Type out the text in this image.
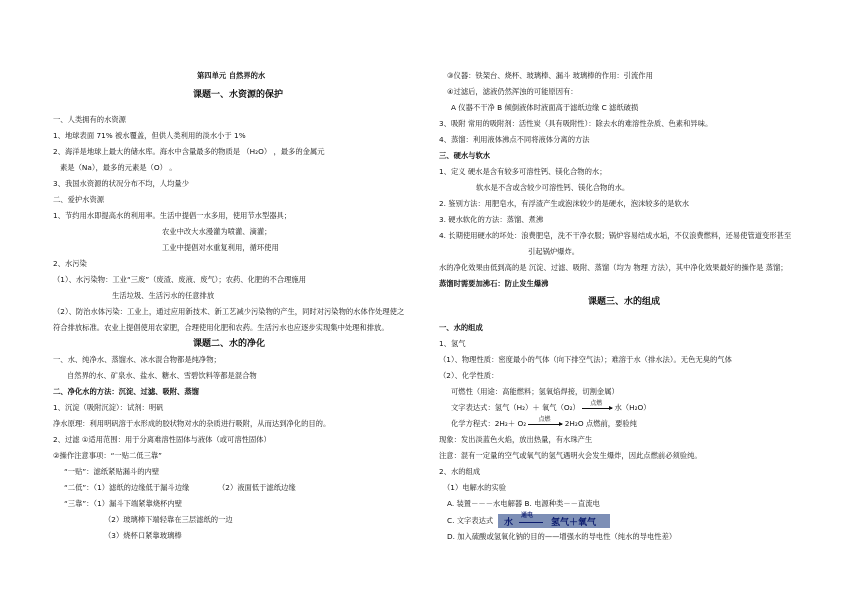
第四单元 自然界的水
课题一、水资源的保护
一、人类拥有的水资源
1、地球表面 71% 被水覆盖，但供人类利用的淡水小于 1%
2、海洋是地球上最大的储水库。海水中含量最多的物质是 （H₂O） ，最多的金属元
素是（Na），最多的元素是（O） 。
3、我国水资源的状况分布不均，人均量少
二、爱护水资源
1、节约用水即提高水的利用率。生活中提倡一水多用，使用节水型器具；
农业中改大水漫灌为喷灌、滴灌；
工业中提倡对水重复利用，循环使用
2、水污染
（1）、水污染物：工业“三废”（废渣、废液、废气）；农药、化肥的不合理施用
生活垃圾、生活污水的任意排放
（2）、防治水体污染：工业上，通过应用新技术、新工艺减少污染物的产生，同时对污染物的水体作处理使之
符合排放标准。农业上提倡使用农家肥，合理使用化肥和农药。生活污水也应逐步实现集中处理和排放。
课题二、水的净化
一、水、纯净水、蒸馏水、冰水混合物都是纯净物；
自然界的水、矿泉水、盐水、糖水、雪碧饮料等都是混合物
二、净化水的方法：沉淀、过滤、吸附、蒸馏
1、沉淀（吸附沉淀）：试剂：明矾
净水原理：利用明矾溶于水形成的胶状物对水的杂质进行吸附，从而达到净化的目的。
2、过滤 ①适用范围：用于分离难溶性固体与液体（或可溶性固体）
②操作注意事项：“一贴二低三靠”
“一贴”：滤纸紧贴漏斗的内壁
“二低”：（1）滤纸的边缘低于漏斗边缘	（2）液面低于滤纸边缘
“三靠”：（1）漏斗下端紧靠烧杯内壁
（2）玻璃棒下端轻靠在三层滤纸的一边
（3）烧杯口紧靠玻璃棒
③仪器：铁架台、烧杯、玻璃棒、漏斗 玻璃棒的作用：引流作用
④过滤后，滤液仍然浑浊的可能原因有：
A 仪器不干净 B 倾倒液体时液面高于滤纸边缘 C 滤纸破损
3、吸附 常用的吸附剂：活性炭（具有吸附性）：除去水的难溶性杂质、色素和异味。
4、蒸馏：利用液体沸点不同将液体分离的方法
三、硬水与软水
1、定义 硬水是含有较多可溶性钙、镁化合物的水；
软水是不含或含较少可溶性钙、镁化合物的水。
2. 鉴别方法：用肥皂水，有浮渣产生或泡沫较少的是硬水，泡沫较多的是软水
3. 硬水软化的方法：蒸馏、煮沸
4. 长期使用硬水的坏处：浪费肥皂，洗不干净衣服；锅炉容易结成水垢，不仅浪费燃料，还易使管道变形甚至
引起锅炉爆炸。
水的净化效果由低到高的是 沉淀、过滤、吸附、蒸馏（均为 物理 方法），其中净化效果最好的操作是 蒸馏；
蒸馏时需要加沸石：防止发生爆沸
课题三、水的组成
一、水的组成
1、氢气
（1）、物理性质：密度最小的气体（向下排空气法）；难溶于水（排水法）。无色无臭的气体
（2）、化学性质：
可燃性（用途：高能燃料；氢氧焰焊接，切割金属）
文字表达式：氢气（H₂）＋ 氧气（O₂） 点燃 水（H₂O）
化学方程式：2H₂＋ O₂ 点燃 2H₂O 点燃前，要验纯
现象：发出淡蓝色火焰，放出热量，有水珠产生
注意：混有一定量的空气或氧气的氢气遇明火会发生爆炸，因此点燃前必须验纯。
2、水的组成
（1）电解水的实验
A. 装置－－－水电解器 B. 电源种类－－直流电
C. 文字表达式 水
通电
氢气＋氧气
D. 加入硫酸或氢氧化钠的目的——增强水的导电性（纯水的导电性差）
